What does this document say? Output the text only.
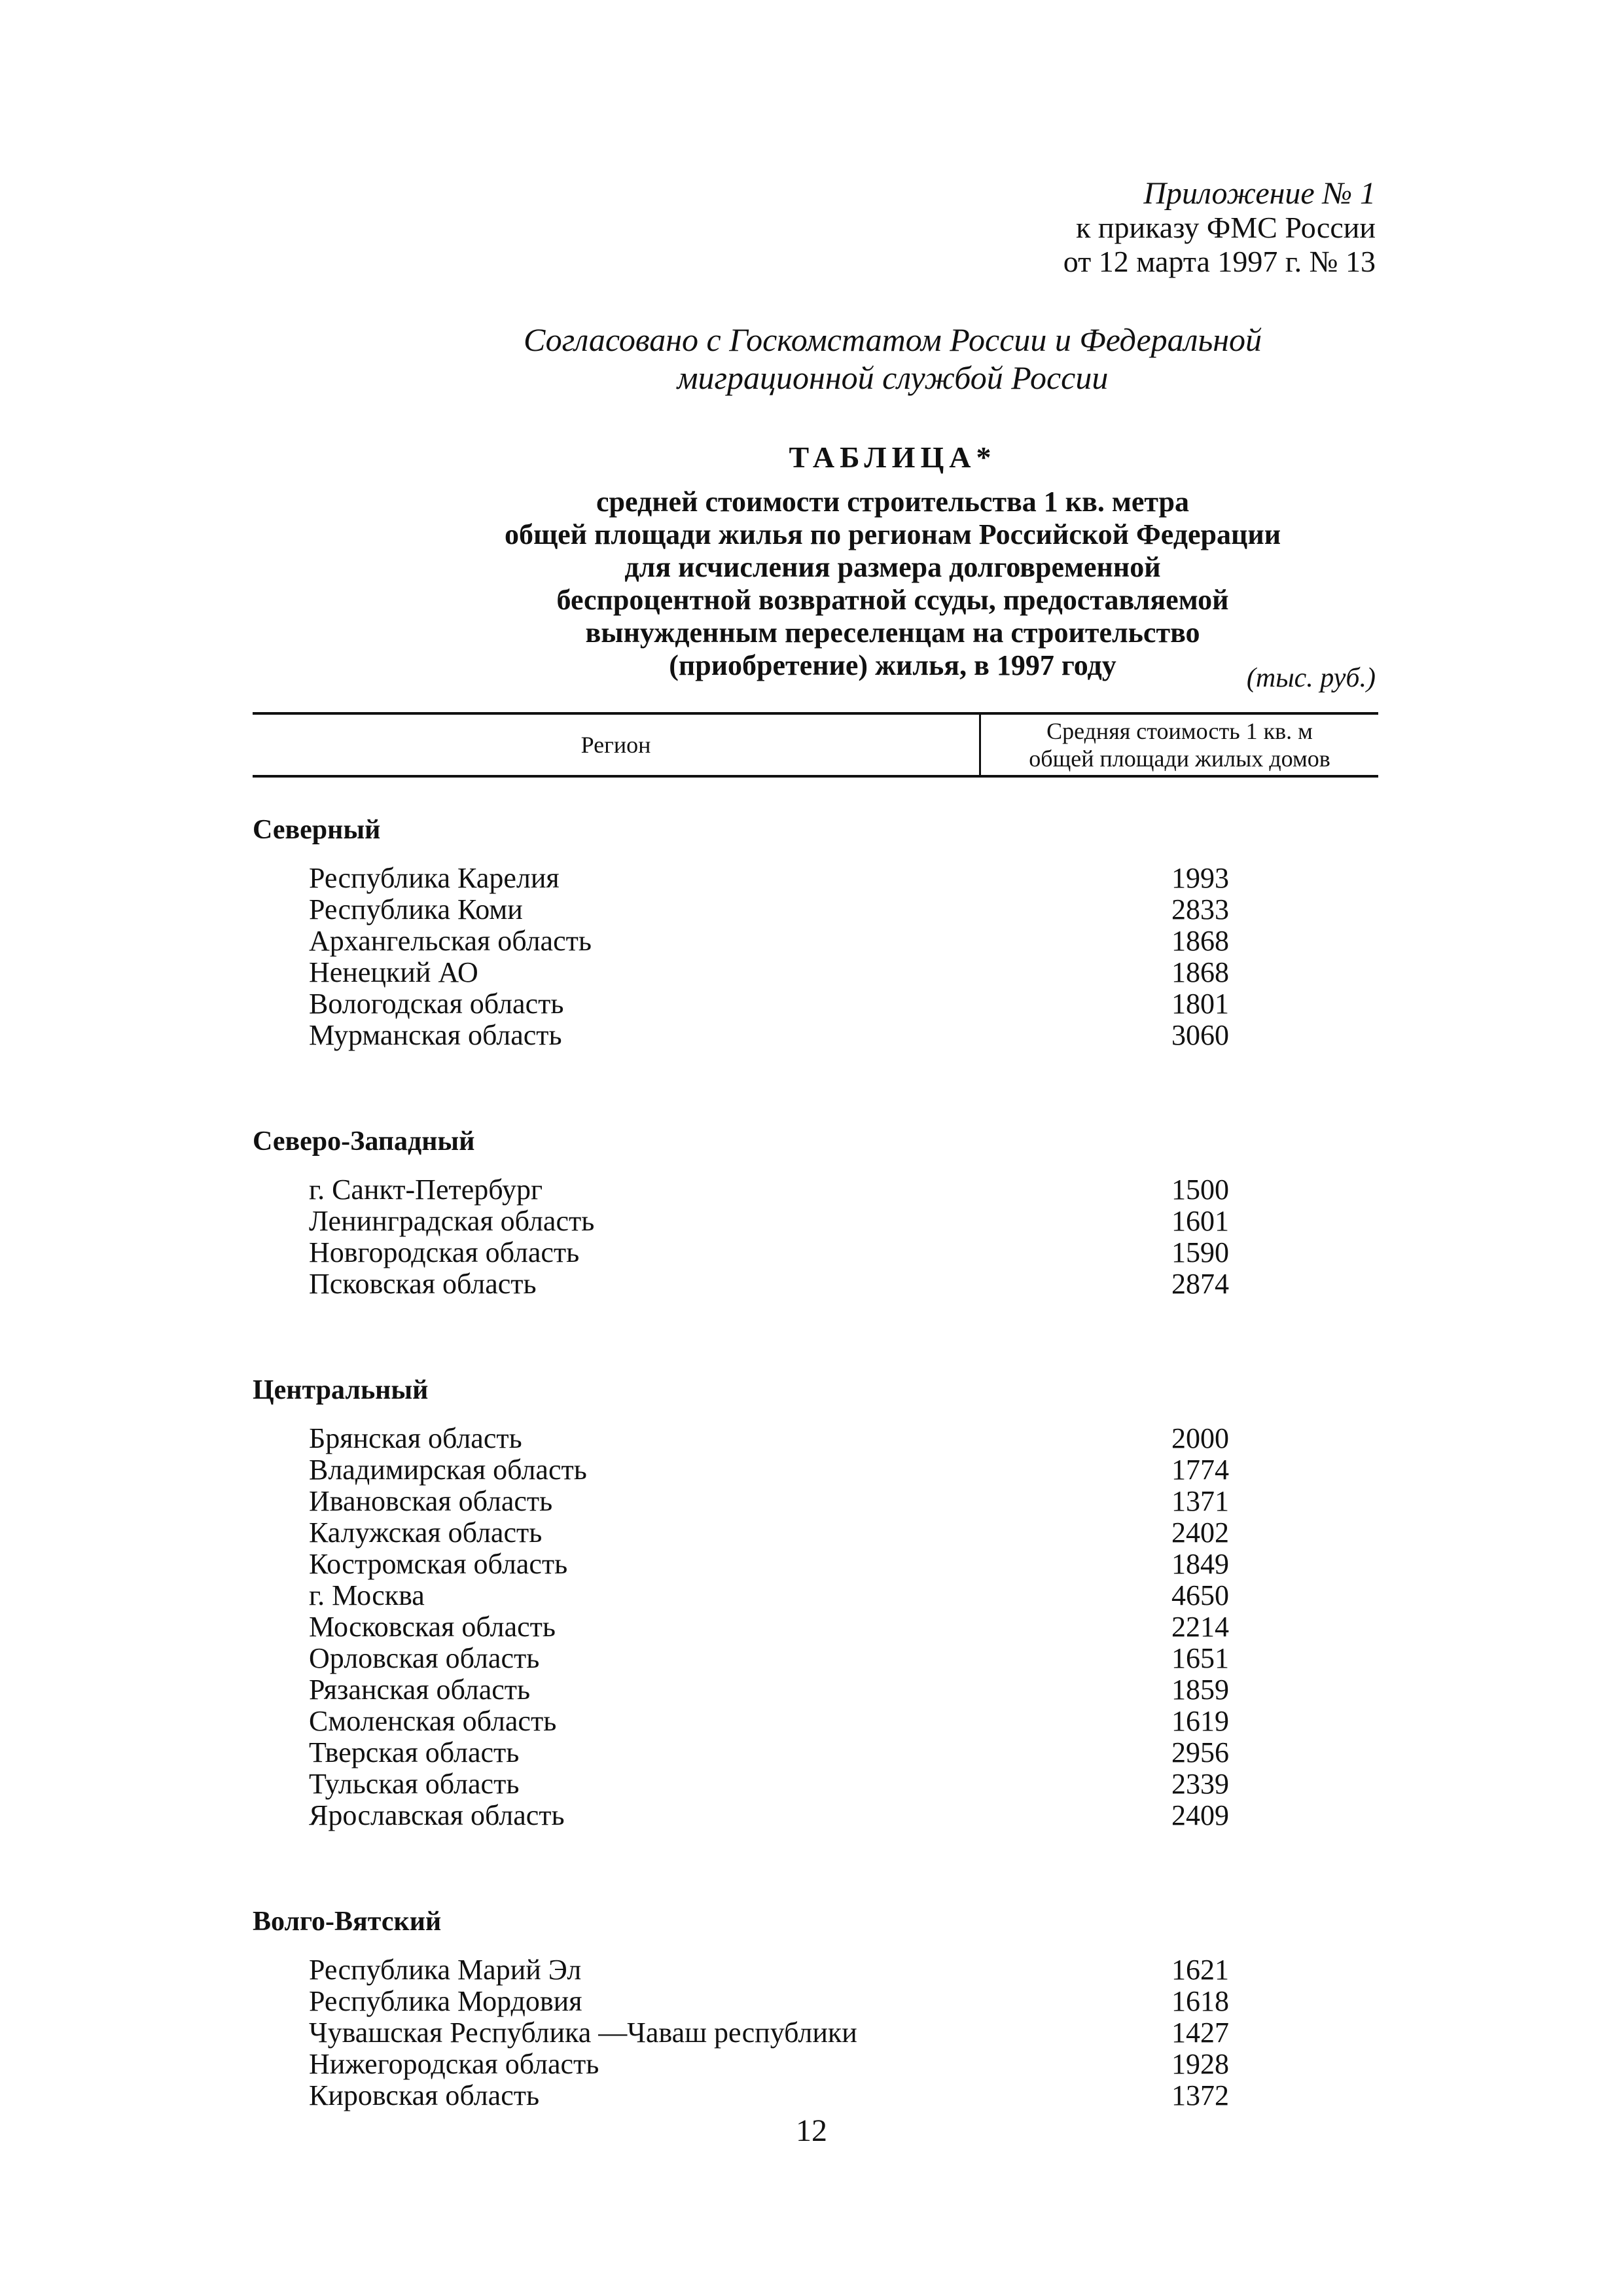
Приложение № 1
к приказу ФМС России
от 12 марта 1997 г. № 13
Согласовано с Госкомстатом России и Федеральной
миграционной службой России
ТАБЛИЦА*
средней стоимости строительства 1 кв. метра
общей площади жилья по регионам Российской Федерации
для исчисления размера долговременной
беспроцентной возвратной ссуды, предоставляемой
вынужденным переселенцам на строительство
(приобретение) жилья, в 1997 году	(тыс. руб.)
Регион
Средняя стоимость 1 кв. м
общей площади жилых домов
Северный
Республика Карелия	1993
Республика Коми	2833
Архангельская область	1868
Ненецкий АО	1868
Вологодская область	1801
Мурманская область	3060
Северо-Западный
г. Санкт-Петербург	1500
Ленинградская область	1601
Новгородская область	1590
Псковская область	2874
Центральный
Брянская область	2000
Владимирская область	1774
Ивановская область	1371
Калужская область	2402
Костромская область	1849
г. Москва	4650
Московская область	2214
Орловская область	1651
Рязанская область	1859
Смоленская область	1619
Тверская область	2956
Тульская область	2339
Ярославская область	2409
Волго-Вятский
Республика Марий Эл	1621
Республика Мордовия	1618
Чувашская Республика —Чаваш республики	1427
Нижегородская область	1928
Кировская область	1372
12
